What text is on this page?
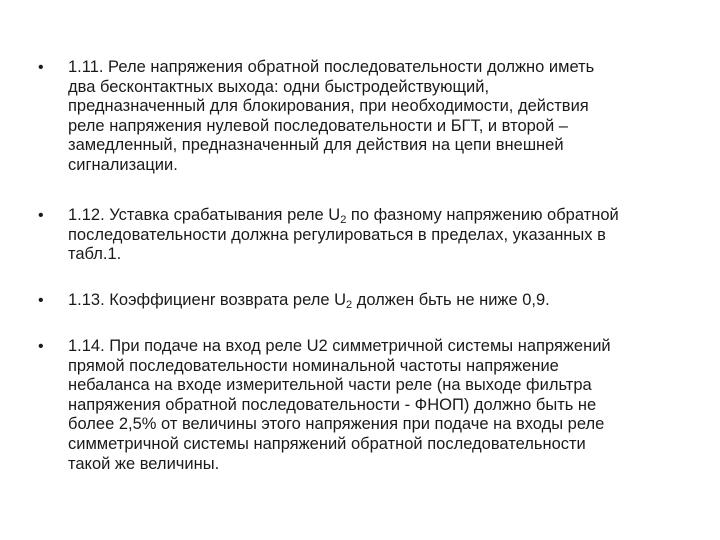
•	1.11. Реле напряжения обратной последовательности должно иметь
два бесконтактных выхода: одни быстродействующий,
предназначенный для блокирования, при необходимости, действия
реле напряжения нулевой последовательности и БГТ, и второй –
замедленный, предназначенный для действия на цепи внешней
сигнализации.
•	1.12. Уставка срабатывания реле $U_2$ по фазному напряжению обратной
последовательности должна регулироваться в пределах, указанных в
табл.1.
•	1.13. Коэффициенr возврата реле $U_2$ должен бьть не ниже 0,9.
•	1.14. При подаче на вход реле U2 симметричной системы напряжений
прямой последовательности номинальной частоты напряжение
небаланса на входе измерительной части реле (на выходе фильтра
напряжения обратной последовательности - ФНОП) должно быть не
более 2,5% от величины этого напряжения при подаче на входы реле
симметричной системы напряжений обратной последовательности
такой же величины.
